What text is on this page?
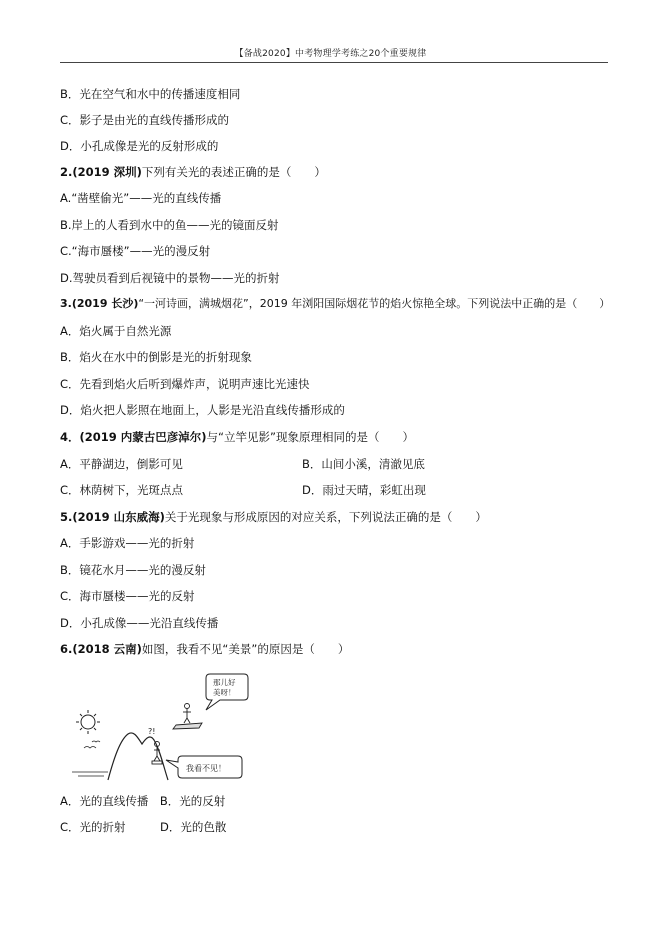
【备战2020】中考物理学考练之20个重要规律
B．光在空气和水中的传播速度相同
C．影子是由光的直线传播形成的
D．小孔成像是光的反射形成的
2.(2019 深圳)下列有关光的表述正确的是（　　）
A.“凿壁偷光”——光的直线传播
B.岸上的人看到水中的鱼——光的镜面反射
C.“海市蜃楼”——光的漫反射
D.驾驶员看到后视镜中的景物——光的折射
3.(2019 长沙)“一河诗画，满城烟花”，2019 年浏阳国际烟花节的焰火惊艳全球。下列说法中正确的是（　　）
A．焰火属于自然光源
B．焰火在水中的倒影是光的折射现象
C．先看到焰火后听到爆炸声，说明声速比光速快
D．焰火把人影照在地面上，人影是光沿直线传播形成的
4．(2019 内蒙古巴彦淖尔)与“立竿见影”现象原理相同的是（　　）
A．平静湖边，倒影可见	B．山间小溪，清澈见底
C．林荫树下，光斑点点	D．雨过天晴，彩虹出现
5.(2019 山东威海)关于光现象与形成原因的对应关系，下列说法正确的是（　　）
A．手影游戏——光的折射
B．镜花水月——光的漫反射
C．海市蜃楼——光的反射
D．小孔成像——光沿直线传播
6.(2018 云南)如图，我看不见“美景”的原因是（　　）
?!
那儿好
美呀！
我看不见！
A．光的直线传播　B．光的反射
C．光的折射　　　D．光的色散
